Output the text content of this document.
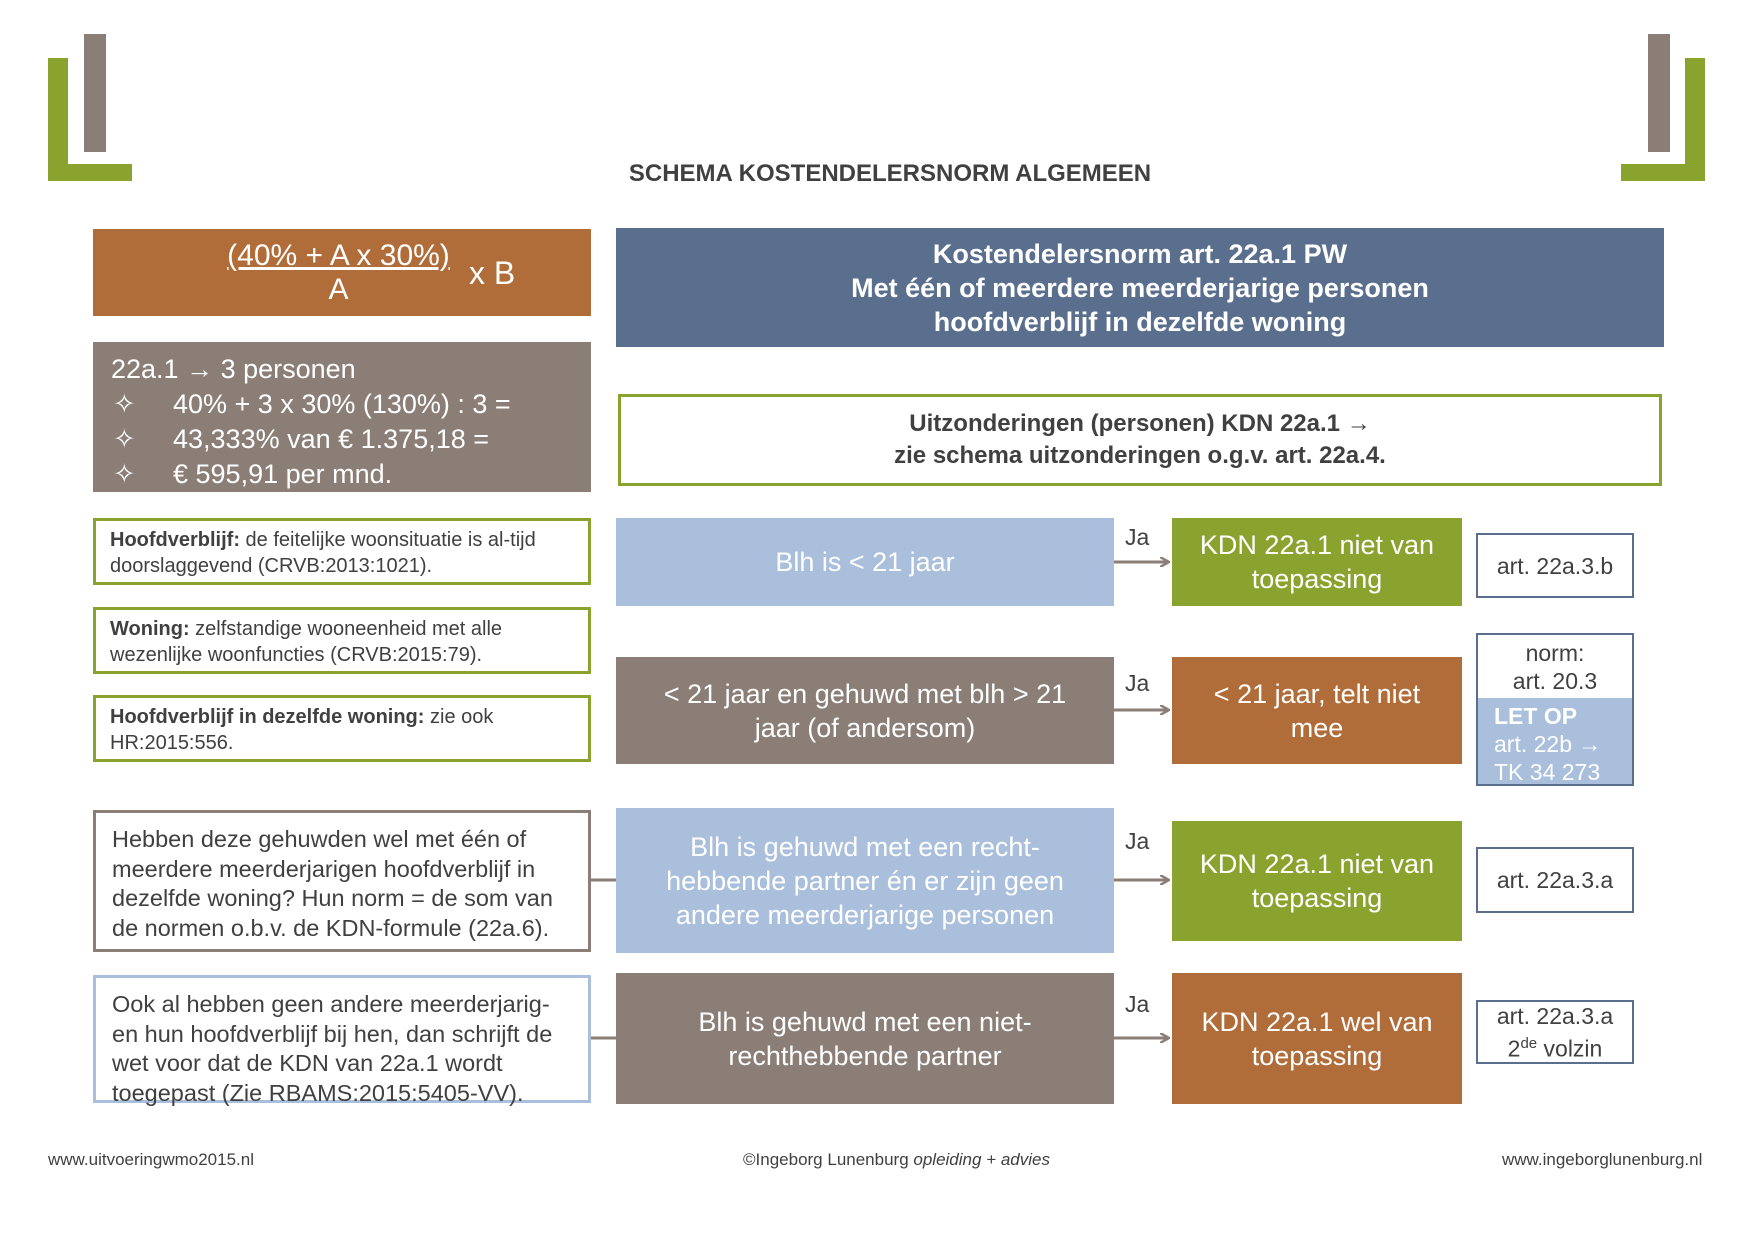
SCHEMA KOSTENDELERSNORM ALGEMEEN
$\frac{\text{(40\% + A x 30\%)}}{A}$ x B
22a.1 → 3 personen
✧	40% + 3 x 30% (130%) : 3 =
✧	43,333% van € 1.375,18 =
✧	€ 595,91 per mnd.
Hoofdverblijf: de feitelijke woonsituatie is al-tijd doorslaggevend (CRVB:2013:1021).
Woning: zelfstandige wooneenheid met alle wezenlijke woonfuncties (CRVB:2015:79).
Hoofdverblijf in dezelfde woning: zie ook HR:2015:556.
Hebben deze gehuwden wel met één of meerdere meerderjarigen hoofdverblijf in dezelfde woning? Hun norm = de som van de normen o.b.v. de KDN-formule (22a.6).
Ook al hebben geen andere meerderjarig-en hun hoofdverblijf bij hen, dan schrijft de wet voor dat de KDN van 22a.1 wordt toegepast (Zie RBAMS:2015:5405-VV).
Kostendelersnorm art. 22a.1 PW
Met één of meerdere meerderjarige personen
hoofdverblijf in dezelfde woning
Uitzonderingen (personen) KDN 22a.1 →
zie schema uitzonderingen o.g.v. art. 22a.4.
Blh is < 21 jaar
Ja	KDN 22a.1 niet van toepassing	art. 22a.3.b
< 21 jaar en gehuwd met blh > 21 jaar (of andersom)
Ja	< 21 jaar, telt niet mee
norm: art. 20.3
LET OP
art. 22b →
TK 34 273
Blh is gehuwd met een recht-hebbende partner én er zijn geen andere meerderjarige personen
Ja
KDN 22a.1 niet van toepassing
art. 22a.3.a
Blh is gehuwd met een niet-rechthebbende partner
Ja
KDN 22a.1 wel van toepassing
art. 22a.3.a
2de volzin
www.uitvoeringwmo2015.nl	©Ingeborg Lunenburg opleiding + advies	www.ingeborglunenburg.nl
